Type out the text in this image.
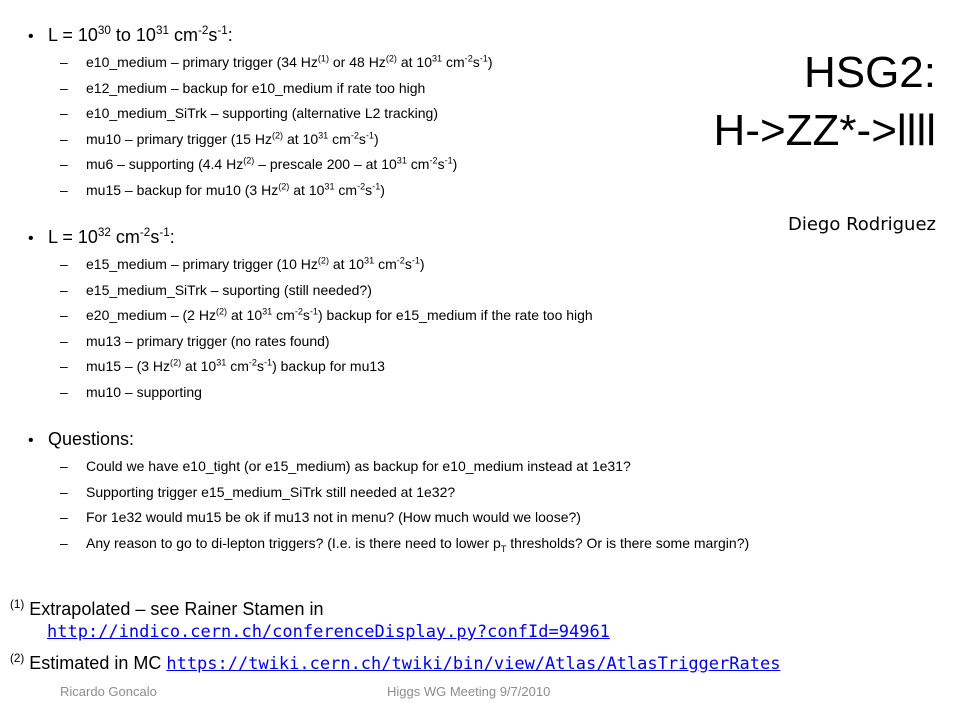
HSG2:
H->ZZ*->llll
Diego Rodriguez
• $L = 10^{30}$ to $10^{31}$ $cm^{-2}s^{-1}$:
–	e10_medium – primary trigger (34 Hz$^{(1)}$ or 48 Hz$^{(2)}$ at $10^{31}$ $cm^{-2}s^{-1}$)
–	e12_medium – backup for e10_medium if rate too high
–	e10_medium_SiTrk – supporting (alternative L2 tracking)
–	mu10 – primary trigger (15 Hz$^{(2)}$ at $10^{31}$ $cm^{-2}s^{-1}$)
–	mu6 – supporting (4.4 Hz$^{(2)}$ – prescale 200 – at $10^{31}$ $cm^{-2}s^{-1}$)
–	mu15 – backup for mu10 (3 Hz$^{(2)}$ at $10^{31}$ $cm^{-2}s^{-1}$)
• $L = 10^{32}$ $cm^{-2}s^{-1}$:
–	e15_medium – primary trigger (10 Hz$^{(2)}$ at $10^{31}$ $cm^{-2}s^{-1}$)
–	e15_medium_SiTrk – suporting (still needed?)
–	e20_medium – (2 Hz$^{(2)}$ at $10^{31}$ $cm^{-2}s^{-1}$) backup for e15_medium if the rate too high
–	mu13 – primary trigger (no rates found)
–	mu15 – (3 Hz$^{(2)}$ at $10^{31}$ $cm^{-2}s^{-1}$) backup for mu13
–	mu10 – supporting
• Questions:
–	Could we have e10_tight (or e15_medium) as backup for e10_medium instead at 1e31?
–	Supporting trigger e15_medium_SiTrk still needed at 1e32?
–	For 1e32 would mu15 be ok if mu13 not in menu? (How much would we loose?)
–	Any reason to go to di-lepton triggers? (I.e. is there need to lower $p_T$ thresholds? Or is there some margin?)
$^{(1)}$ Extrapolated – see Rainer Stamen in
http://indico.cern.ch/conferenceDisplay.py?confId=94961
$^{(2)}$ Estimated in MC https://twiki.cern.ch/twiki/bin/view/Atlas/AtlasTriggerRates
Ricardo Goncalo	Higgs WG Meeting 9/7/2010
